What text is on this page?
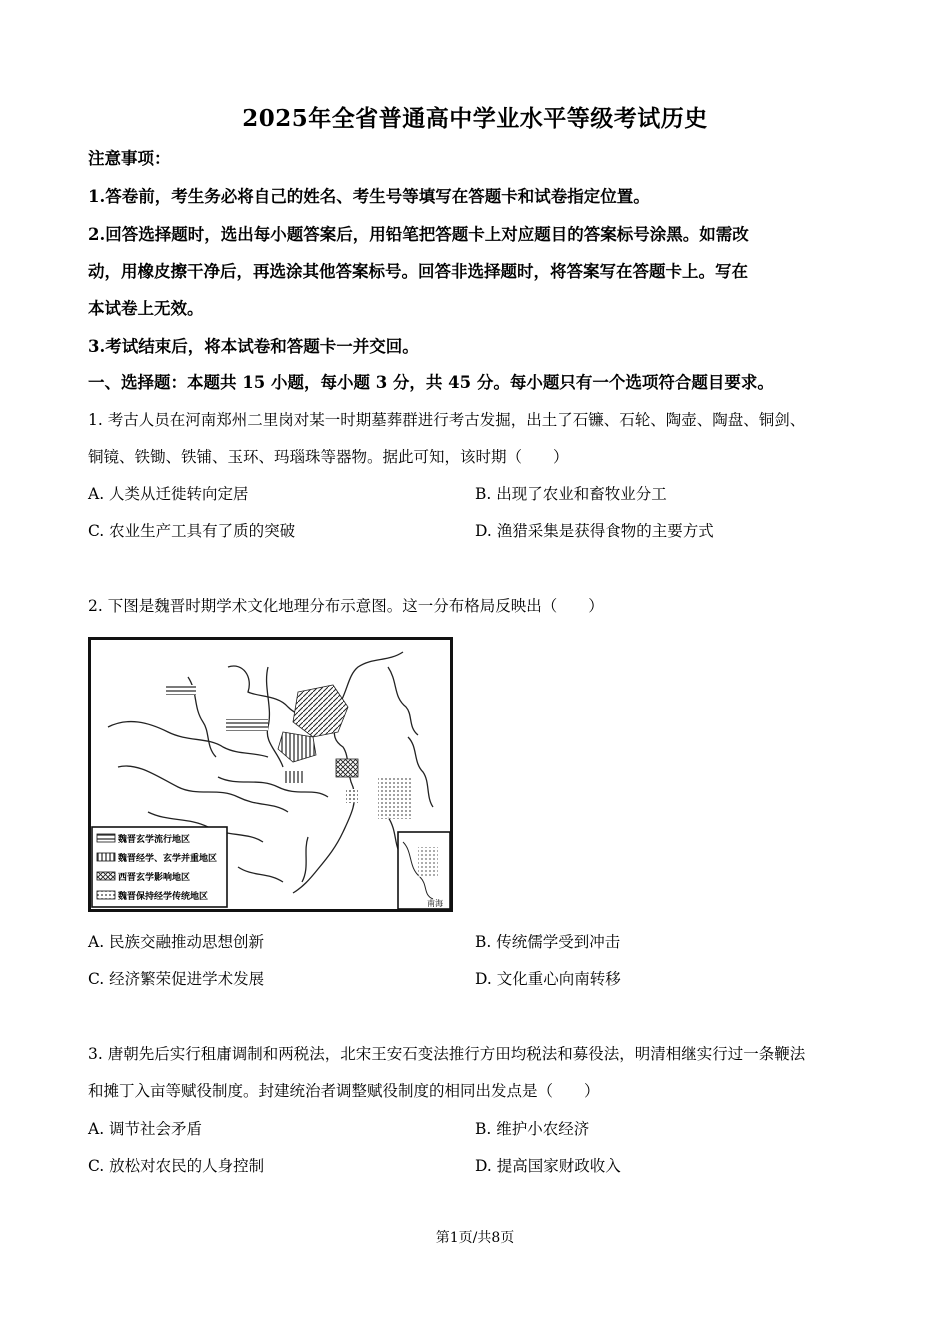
2025年全省普通高中学业水平等级考试历史
注意事项：
1.答卷前，考生务必将自己的姓名、考生号等填写在答题卡和试卷指定位置。
2.回答选择题时，选出每小题答案后，用铅笔把答题卡上对应题目的答案标号涂黑。如需改
动，用橡皮擦干净后，再选涂其他答案标号。回答非选择题时，将答案写在答题卡上。写在
本试卷上无效。
3.考试结束后，将本试卷和答题卡一并交回。
一、选择题：本题共 15 小题，每小题 3 分，共 45 分。每小题只有一个选项符合题目要求。
1. 考古人员在河南郑州二里岗对某一时期墓葬群进行考古发掘，出土了石镰、石轮、陶壶、陶盘、铜剑、
铜镜、铁锄、铁铺、玉环、玛瑙珠等器物。据此可知，该时期（　　）
A. 人类从迁徙转向定居	B. 出现了农业和畜牧业分工
C. 农业生产工具有了质的突破	D. 渔猎采集是获得食物的主要方式
2. 下图是魏晋时期学术文化地理分布示意图。这一分布格局反映出（　　）
魏晋玄学流行地区
魏晋经学、玄学并重地区
西晋玄学影响地区
魏晋保持经学传统地区
南海
A. 民族交融推动思想创新	B. 传统儒学受到冲击
C. 经济繁荣促进学术发展	D. 文化重心向南转移
3. 唐朝先后实行租庸调制和两税法，北宋王安石变法推行方田均税法和募役法，明清相继实行过一条鞭法
和摊丁入亩等赋役制度。封建统治者调整赋役制度的相同出发点是（　　）
A. 调节社会矛盾	B. 维护小农经济
C. 放松对农民的人身控制	D. 提高国家财政收入
第1页/共8页
